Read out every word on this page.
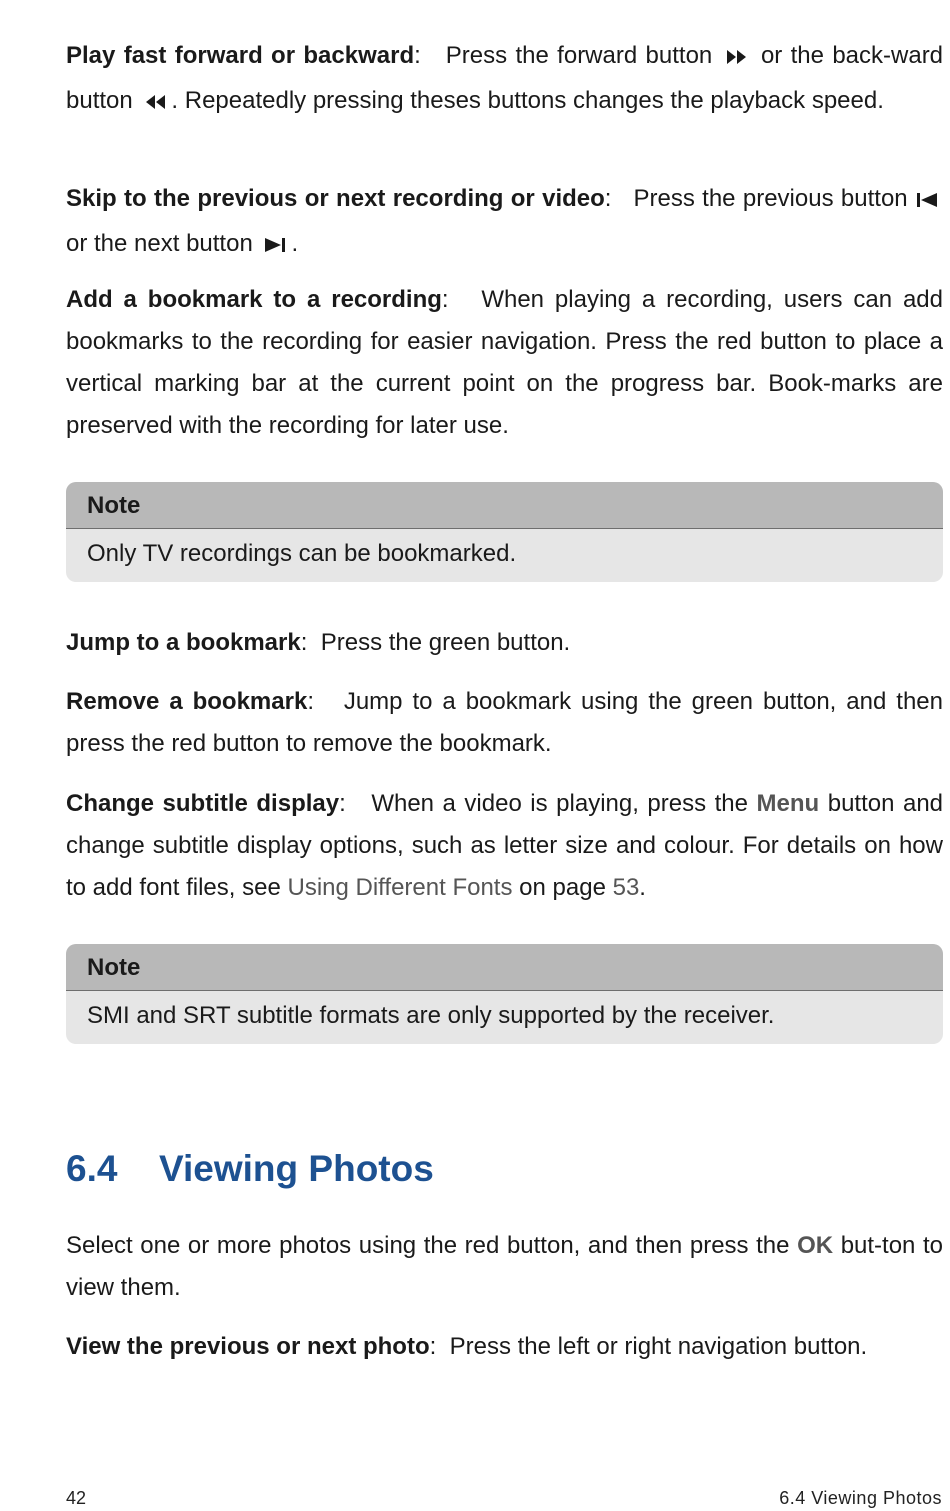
Play fast forward or backward:   Press the forward button or the back-ward button . Repeatedly pressing theses buttons changes the playback speed.

Skip to the previous or next recording or video:   Press the previous button  or the next button .

Add a bookmark to a recording:   When playing a recording, users can add bookmarks to the recording for easier navigation. Press the red button to place a vertical marking bar at the current point on the progress bar. Book-marks are preserved with the recording for later use.

Note
Only TV recordings can be bookmarked.

Jump to a bookmark:  Press the green button.

Remove a bookmark:   Jump to a bookmark using the green button, and then press the red button to remove the bookmark.

Change subtitle display:   When a video is playing, press the Menu button and change subtitle display options, such as letter size and colour. For details on how to add font files, see Using Different Fonts on page 53.

Note
SMI and SRT subtitle formats are only supported by the receiver.
6.4 Viewing Photos

Select one or more photos using the red button, and then press the OK but-ton to view them.

View the previous or next photo:  Press the left or right navigation button.

42	6.4 Viewing Photos
